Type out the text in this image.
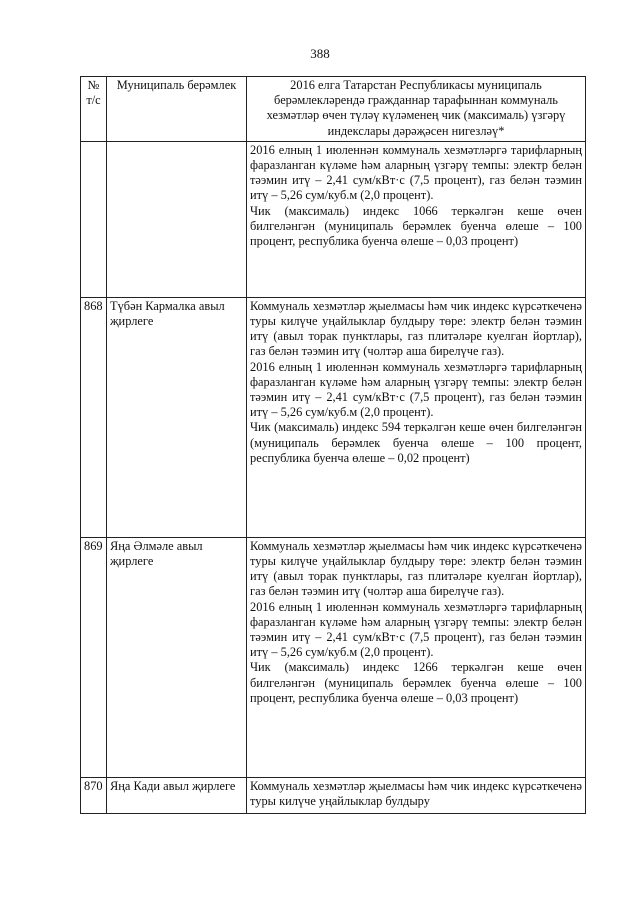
388
№ т/с	Муниципаль берәмлек	2016 елга Татарстан Республикасы муниципаль берәмлекләрендә гражданнар тарафыннан коммуналь хезмәтләр өчен түләү күләменең чик (максималь) үзгәрү индекслары дәрәҗәсен нигезләү*

		2016 елның 1 июленнән коммуналь хезмәтләргә тарифларның фаразланган күләме һәм аларның үзгәрү темпы: электр белән тәэмин итү – 2,41 сум/кВт·с (7,5 процент), газ белән тәэмин итү – 5,26 сум/куб.м (2,0 процент).

Чик (максималь) индекс 1066 теркәлгән кеше өчен билгеләнгән (муниципаль берәмлек буенча өлеше – 100 процент, республика буенча өлеше – 0,03 процент)

868	Түбән Кармалка авыл җирлеге	Коммуналь хезмәтләр җыелмасы һәм чик индекс күрсәткеченә туры килүче уңайлыклар булдыру төре: электр белән тәэмин итү (авыл торак пунктлары, газ плитәләре куелган йортлар), газ белән тәэмин итү (чолтәр аша бирелүче газ).

2016 елның 1 июленнән коммуналь хезмәтләргә тарифларның фаразланган күләме һәм аларның үзгәрү темпы: электр белән тәэмин итү – 2,41 сум/кВт·с (7,5 процент), газ белән тәэмин итү – 5,26 сум/куб.м (2,0 процент).

Чик (максималь) индекс 594 теркәлгән кеше өчен билгеләнгән (муниципаль берәмлек буенча өлеше – 100 процент, республика буенча өлеше – 0,02 процент)

869	Яңа Әлмәле авыл җирлеге	Коммуналь хезмәтләр җыелмасы һәм чик индекс күрсәткеченә туры килүче уңайлыклар булдыру төре: электр белән тәэмин итү (авыл торак пунктлары, газ плитәләре куелган йортлар), газ белән тәэмин итү (чолтәр аша бирелүче газ).

2016 елның 1 июленнән коммуналь хезмәтләргә тарифларның фаразланган күләме һәм аларның үзгәрү темпы: электр белән тәэмин итү – 2,41 сум/кВт·с (7,5 процент), газ белән тәэмин итү – 5,26 сум/куб.м (2,0 процент).

Чик (максималь) индекс 1266 теркәлгән кеше өчен билгеләнгән (муниципаль берәмлек буенча өлеше – 100 процент, республика буенча өлеше – 0,03 процент)

870	Яңа Кади авыл җирлеге	Коммуналь хезмәтләр җыелмасы һәм чик индекс күрсәткеченә туры килүче уңайлыклар булдыру
